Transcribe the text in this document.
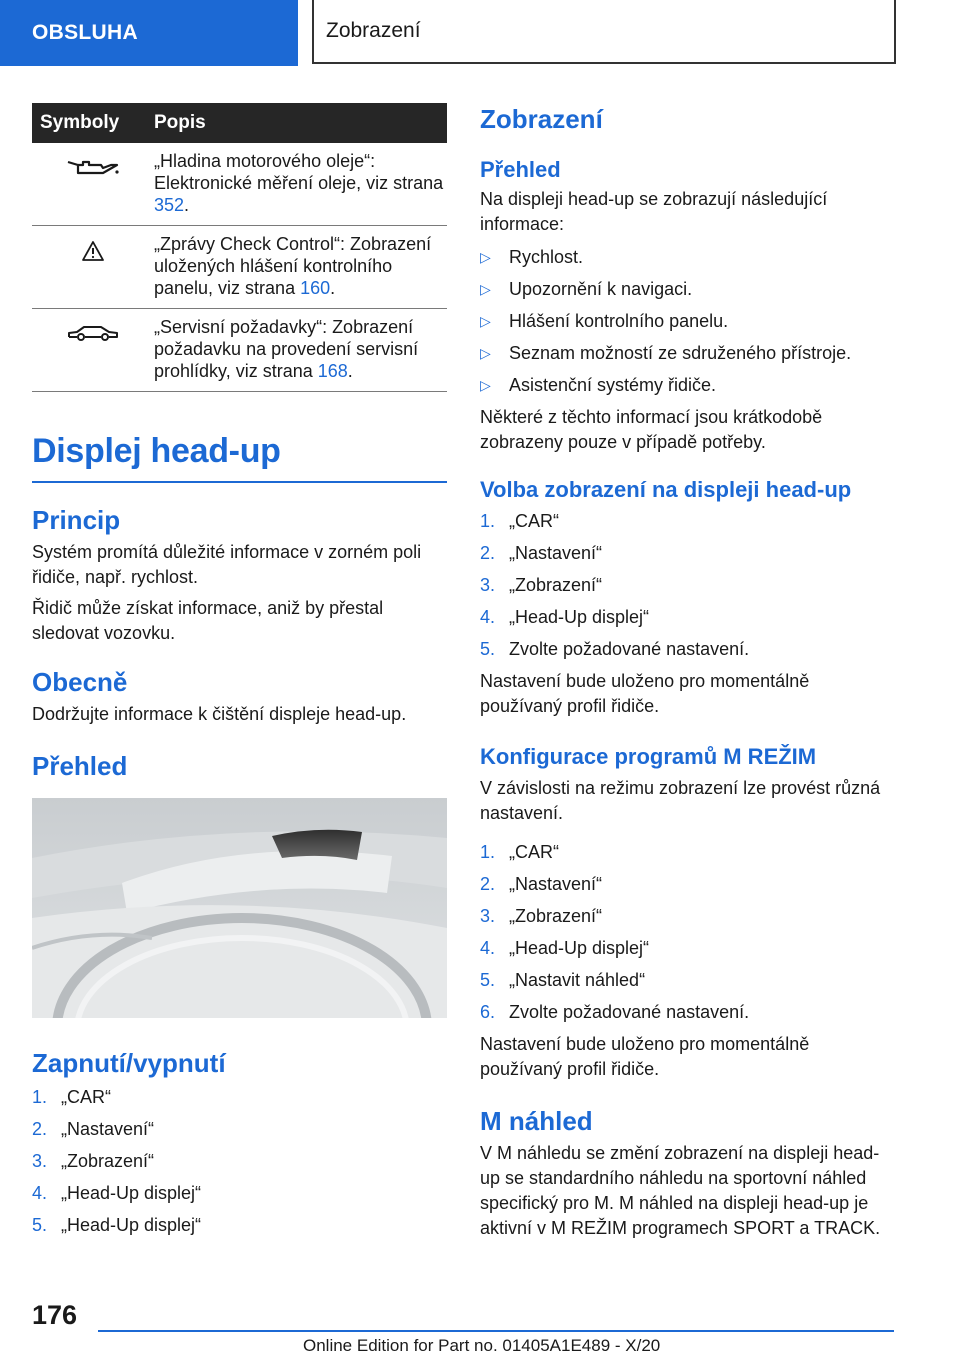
OBSLUHA	Zobrazení
Symboly	Popis
	„Hladina motorového oleje“: Elektronické měření oleje, viz strana 352.
	„Zprávy Check Control“: Zobrazení uložených hlášení kontrolního panelu, viz strana 160.
	„Servisní požadavky“: Zobrazení požadavku na provedení servisní prohlídky, viz strana 168.
Displej head-up
Princip

Systém promítá důležité informace v zorném poli řidiče, např. rychlost.

Řidič může získat informace, aniž by přestal sledovat vozovku.

Obecně

Dodržujte informace k čištění displeje head-up.

Přehled
Zapnutí/vypnutí
1. „CAR“
2. „Nastavení“
3. „Zobrazení“
4. „Head-Up displej“
5. „Head-Up displej“
Zobrazení
Přehled

Na displeji head-up se zobrazují následující informace:

▷	Rychlost.
▷	Upozornění k navigaci.
▷	Hlášení kontrolního panelu.
▷	Seznam možností ze sdruženého přístroje.
▷	Asistenční systémy řidiče.

Některé z těchto informací jsou krátkodobě zobrazeny pouze v případě potřeby.

Volba zobrazení na displeji head-up
1. „CAR“
2. „Nastavení“
3. „Zobrazení“
4. „Head-Up displej“
5. Zvolte požadované nastavení.

Nastavení bude uloženo pro momentálně používaný profil řidiče.

Konfigurace programů M REŽIM

V závislosti na režimu zobrazení lze provést různá nastavení.

1. „CAR“
2. „Nastavení“
3. „Zobrazení“
4. „Head-Up displej“
5. „Nastavit náhled“
6. Zvolte požadované nastavení.

Nastavení bude uloženo pro momentálně používaný profil řidiče.

M náhled

V M náhledu se změní zobrazení na displeji head-up se standardního náhledu na sportovní náhled specifický pro M. M náhled na displeji head-up je aktivní v M REŽIM programech SPORT a TRACK.

176
Online Edition for Part no. 01405A1E489 - X/20
